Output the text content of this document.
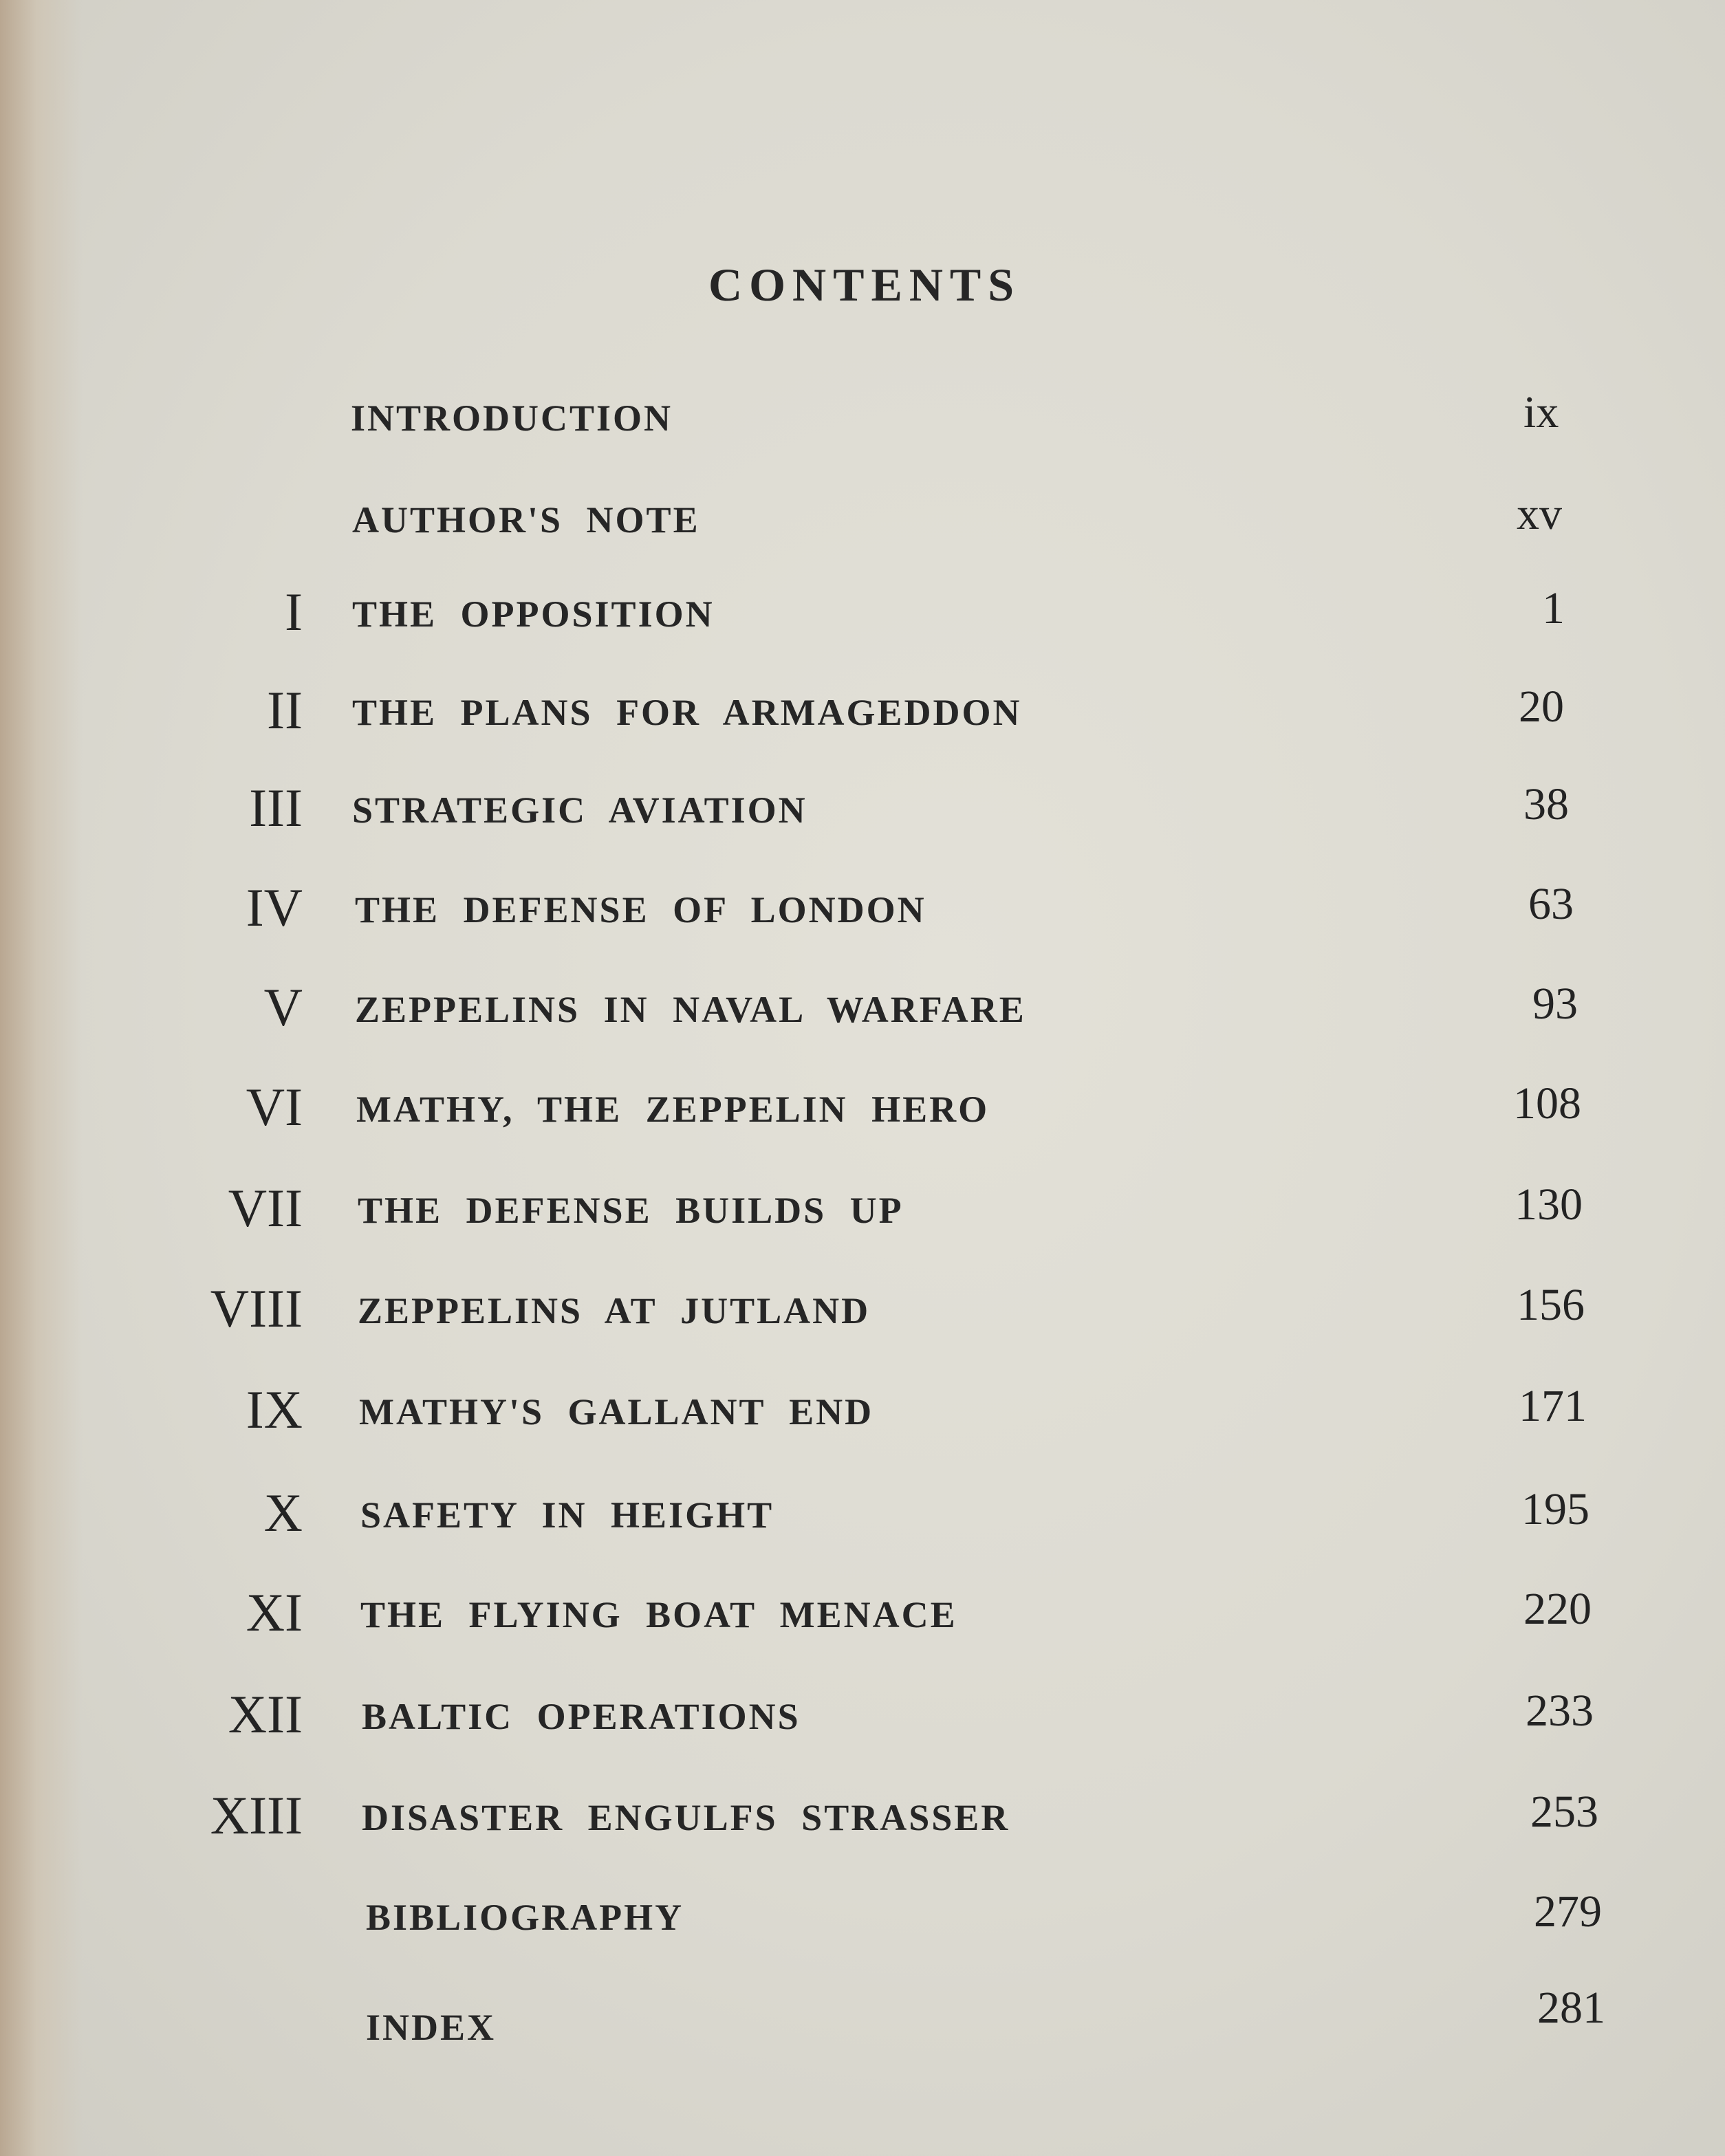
CONTENTS
INTRODUCTION	ix
AUTHOR'S NOTE	xv
I THE OPPOSITION	1
II THE PLANS FOR ARMAGEDDON	20
III STRATEGIC AVIATION	38
IV THE DEFENSE OF LONDON	63
V ZEPPELINS IN NAVAL WARFARE	93
VI MATHY, THE ZEPPELIN HERO	108
VII THE DEFENSE BUILDS UP	130
VIII ZEPPELINS AT JUTLAND	156
IX MATHY'S GALLANT END	171
X SAFETY IN HEIGHT	195
XI THE FLYING BOAT MENACE	220
XII BALTIC OPERATIONS	233
XIII DISASTER ENGULFS STRASSER	253
BIBLIOGRAPHY	279
INDEX	281
